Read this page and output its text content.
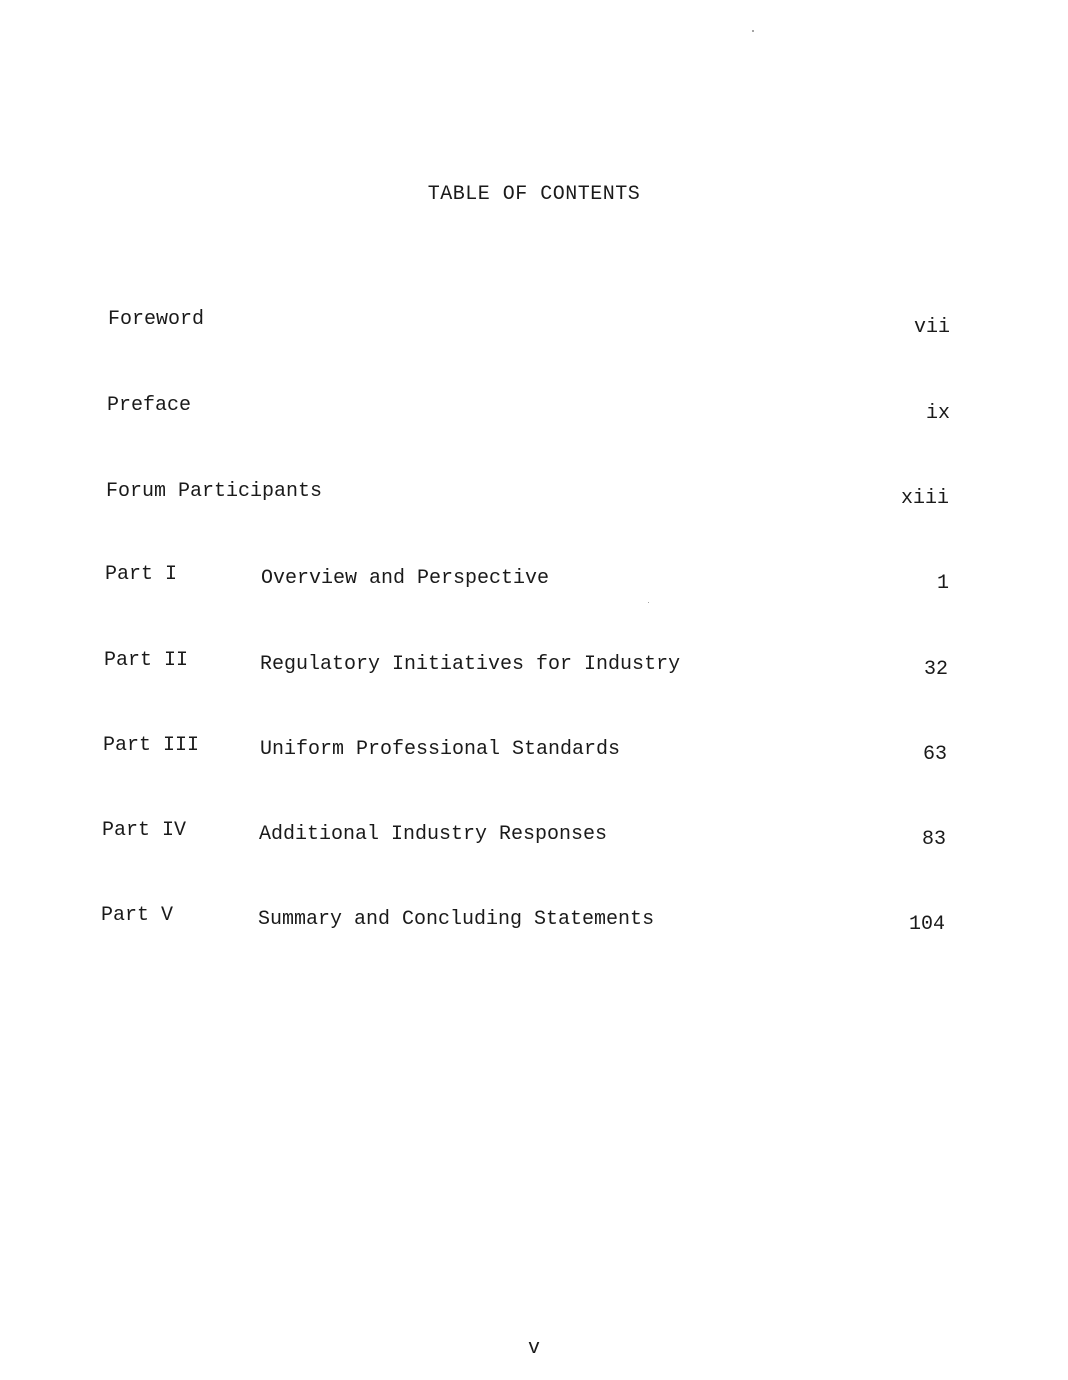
TABLE OF CONTENTS
Foreword	vii
Preface	ix
Forum Participants	xiii
Part I	Overview and Perspective	1
Part II	Regulatory Initiatives for Industry	32
Part III	Uniform Professional Standards	63
Part IV	Additional Industry Responses	83
Part V	Summary and Concluding Statements	104
v
